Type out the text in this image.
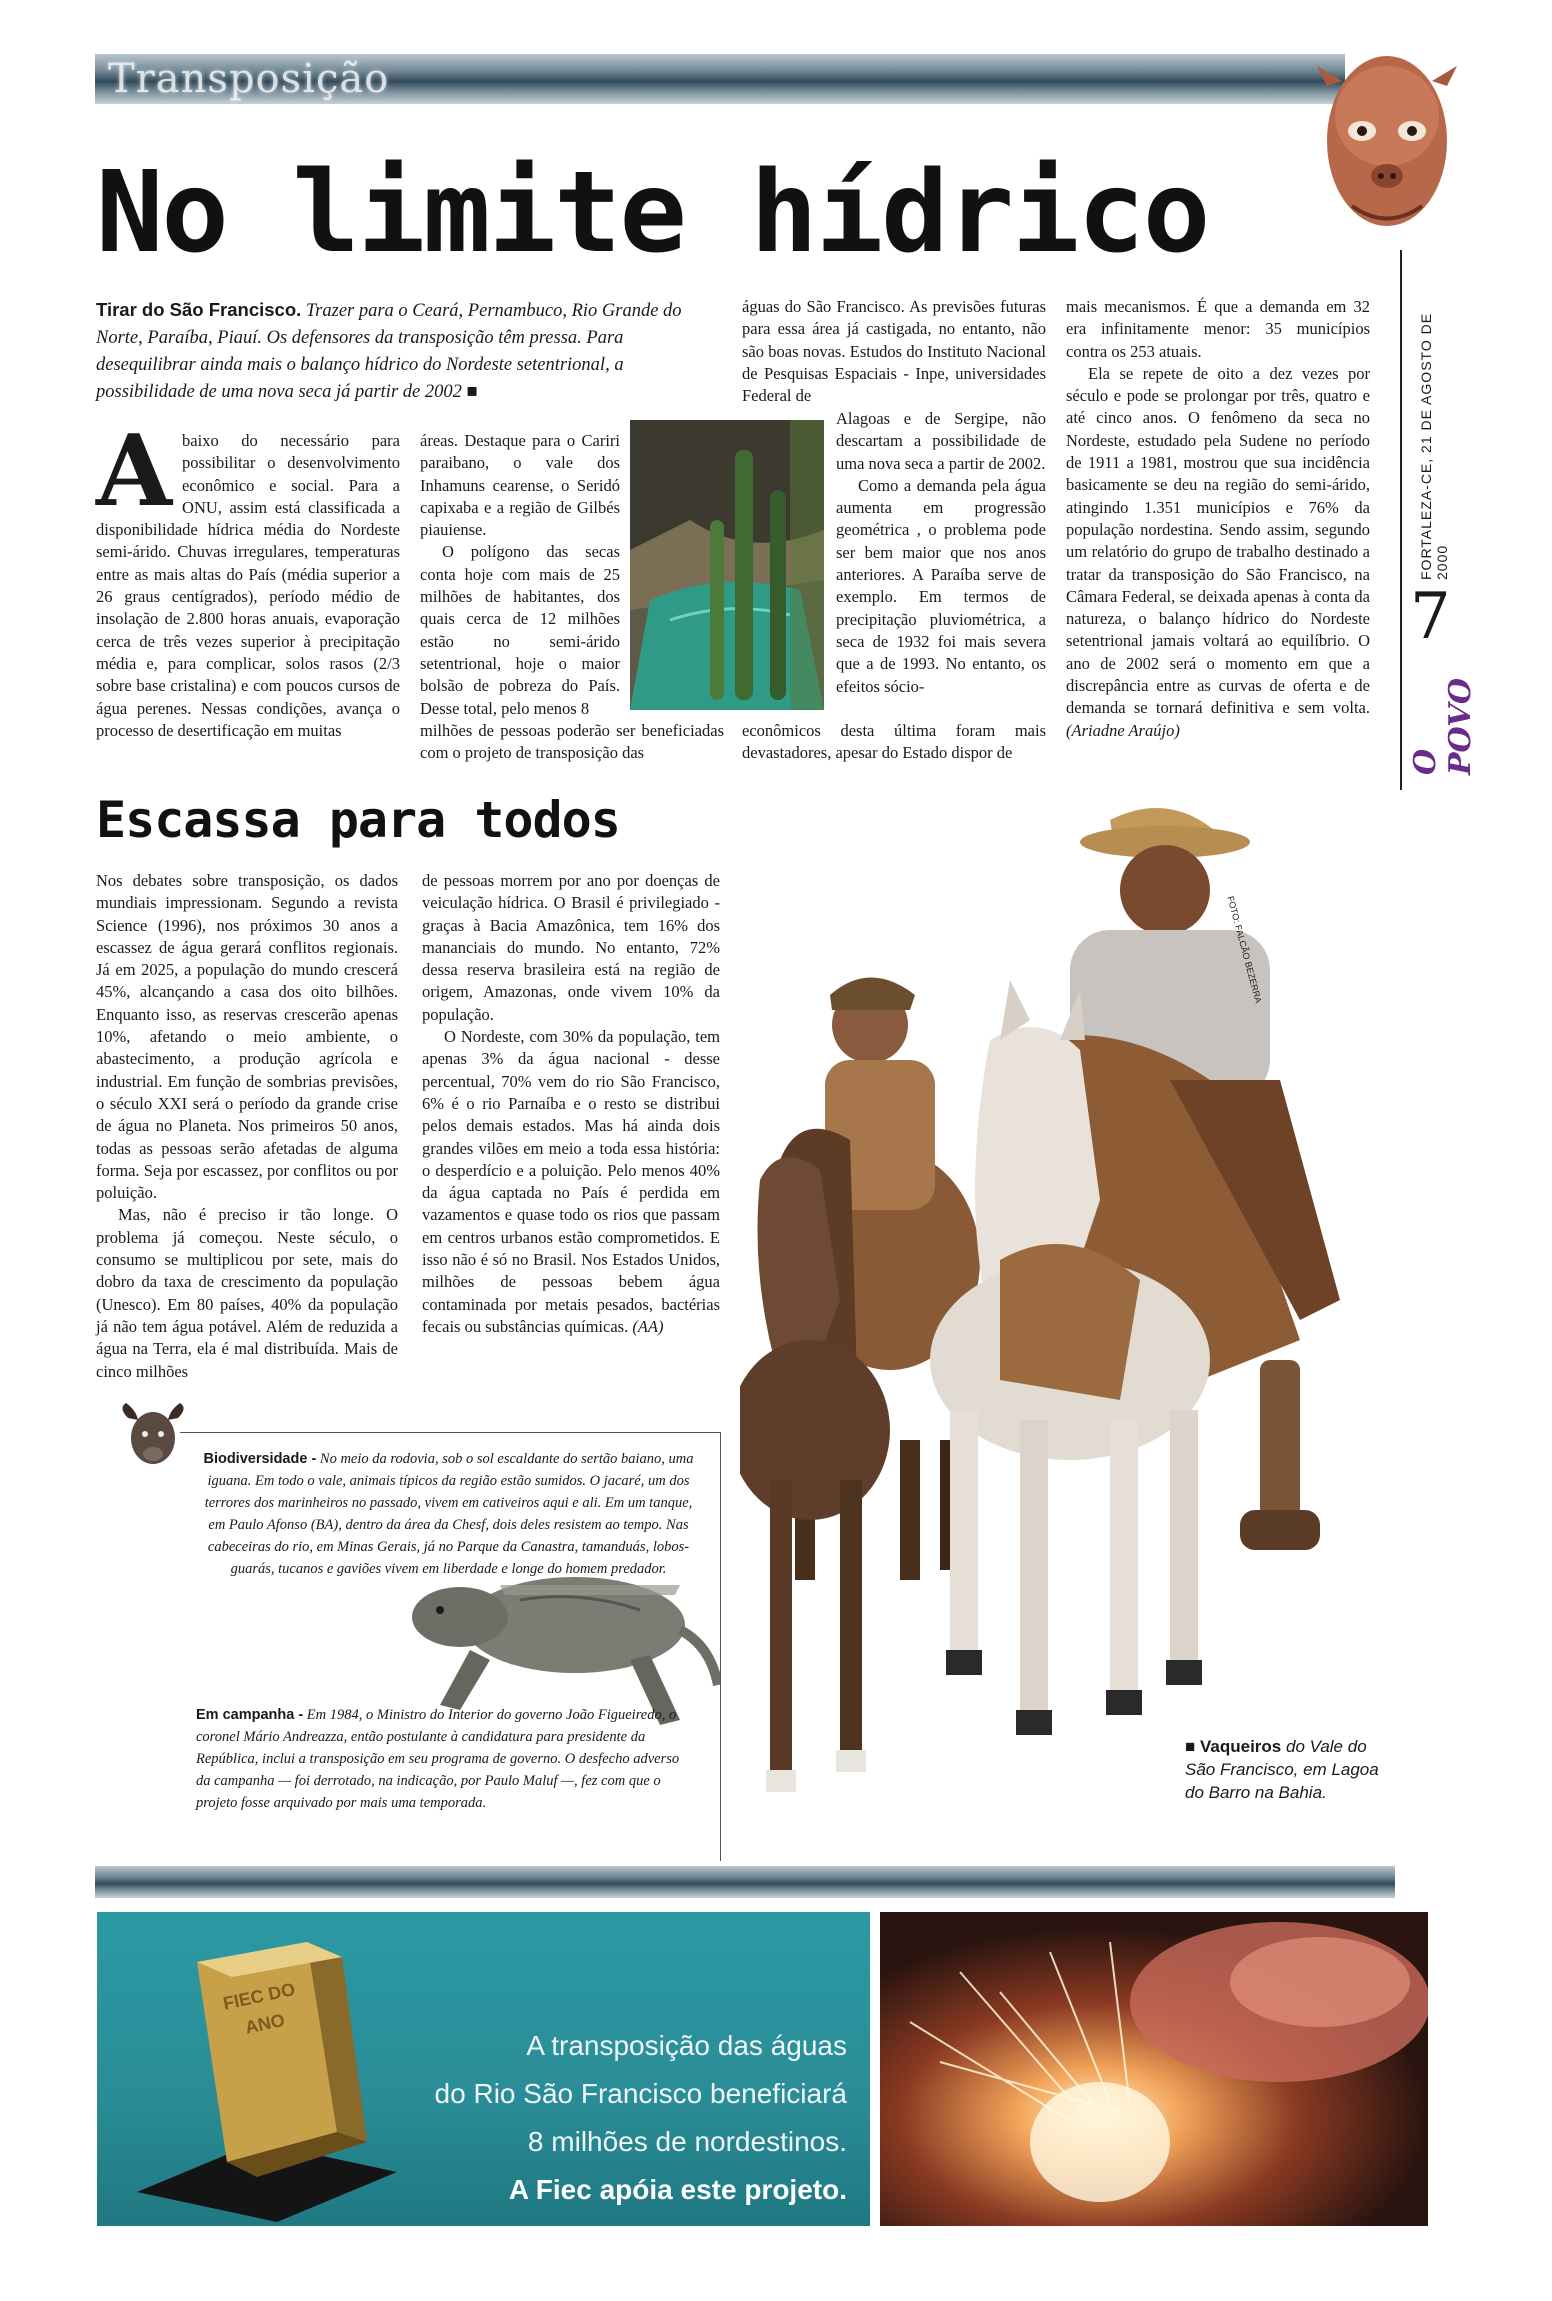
Transposição
No limite hídrico
Tirar do São Francisco. Trazer para o Ceará, Pernambuco, Rio Grande do Norte, Paraíba, Piauí. Os defensores da transposição têm pressa. Para desequilibrar ainda mais o balanço hídrico do Nordeste setentrional, a possibilidade de uma nova seca já partir de 2002 ■

Abaixo do necessário para possibilitar o desenvolvimento econômico e social. Para a ONU, assim está classificada a disponibilidade hídrica média do Nordeste semi-árido. Chuvas irregulares, temperaturas entre as mais altas do País (média superior a 26 graus centígrados), período médio de insolação de 2.800 horas anuais, evaporação cerca de três vezes superior à precipitação média e, para complicar, solos rasos (2/3 sobre base cristalina) e com poucos cursos de água perenes. Nessas condições, avança o processo de desertificação em muitas

áreas. Destaque para o Cariri paraibano, o vale dos Inhamuns cearense, o Seridó capixaba e a região de Gilbés piauiense.

O polígono das secas conta hoje com mais de 25 milhões de habitantes, dos quais cerca de 12 milhões estão no semi-árido setentrional, hoje o maior bolsão de pobreza do País. Desse total, pelo menos 8

milhões de pessoas poderão ser beneficiadas com o projeto de transposição das

águas do São Francisco. As previsões futuras para essa área já castigada, no entanto, não são boas novas. Estudos do Instituto Nacional de Pesquisas Espaciais - Inpe, universidades Federal de

Alagoas e de Sergipe, não descartam a possibilidade de uma nova seca a partir de 2002.

Como a demanda pela água aumenta em progressão geométrica , o problema pode ser bem maior que nos anos anteriores. A Paraíba serve de exemplo. Em termos de precipitação pluviométrica, a seca de 1932 foi mais severa que a de 1993. No entanto, os efeitos sócio-

econômicos desta última foram mais devastadores, apesar do Estado dispor de

mais mecanismos. É que a demanda em 32 era infinitamente menor: 35 municípios contra os 253 atuais.

Ela se repete de oito a dez vezes por século e pode se prolongar por três, quatro e até cinco anos. O fenômeno da seca no Nordeste, estudado pela Sudene no período de 1911 a 1981, mostrou que sua incidência basicamente se deu na região do semi-árido, atingindo 1.351 municípios e 76% da população nordestina. Sendo assim, segundo um relatório do grupo de trabalho destinado a tratar da transposição do São Francisco, na Câmara Federal, se deixada apenas à conta da natureza, o balanço hídrico do Nordeste setentrional jamais voltará ao equilíbrio. O ano de 2002 será o momento em que a discrepância entre as curvas de oferta e de demanda se tornará definitiva e sem volta. (Ariadne Araújo)

FORTALEZA-CE, 21 DE AGOSTO DE 2000
7
O POVO
Escassa para todos

Nos debates sobre transposição, os dados mundiais impressionam. Segundo a revista Science (1996), nos próximos 30 anos a escassez de água gerará conflitos regionais. Já em 2025, a população do mundo crescerá 45%, alcançando a casa dos oito bilhões. Enquanto isso, as reservas crescerão apenas 10%, afetando o meio ambiente, o abastecimento, a produção agrícola e industrial. Em função de sombrias previsões, o século XXI será o período da grande crise de água no Planeta. Nos primeiros 50 anos, todas as pessoas serão afetadas de alguma forma. Seja por escassez, por conflitos ou por poluição.

Mas, não é preciso ir tão longe. O problema já começou. Neste século, o consumo se multiplicou por sete, mais do dobro da taxa de crescimento da população (Unesco). Em 80 países, 40% da população já não tem água potável. Além de reduzida a água na Terra, ela é mal distribuída. Mais de cinco milhões

de pessoas morrem por ano por doenças de veiculação hídrica. O Brasil é privilegiado - graças à Bacia Amazônica, tem 16% dos mananciais do mundo. No entanto, 72% dessa reserva brasileira está na região de origem, Amazonas, onde vivem 10% da população.

O Nordeste, com 30% da população, tem apenas 3% da água nacional - desse percentual, 70% vem do rio São Francisco, 6% é o rio Parnaíba e o resto se distribui pelos demais estados. Mas há ainda dois grandes vilões em meio a toda essa história: o desperdício e a poluição. Pelo menos 40% da água captada no País é perdida em vazamentos e quase todo os rios que passam em centros urbanos estão comprometidos. E isso não é só no Brasil. Nos Estados Unidos, milhões de pessoas bebem água contaminada por metais pesados, bactérias fecais ou substâncias químicas. (AA)

FOTO: FALCÃO BEZERRA
■ Vaqueiros do Vale do São Francisco, em Lagoa do Barro na Bahia.
Biodiversidade - No meio da rodovia, sob o sol escaldante do sertão baiano, uma iguana. Em todo o vale, animais típicos da região estão sumidos. O jacaré, um dos terrores dos marinheiros no passado, vivem em cativeiros aqui e ali. Em um tanque, em Paulo Afonso (BA), dentro da área da Chesf, dois deles resistem ao tempo. Nas cabeceiras do rio, em Minas Gerais, já no Parque da Canastra, tamanduás, lobos-guarás, tucanos e gaviões vivem em liberdade e longe do homem predador.
Em campanha - Em 1984, o Ministro do Interior do governo João Figueiredo, o coronel Mário Andreazza, então postulante à candidatura para presidente da República, inclui a transposição em seu programa de governo. O desfecho adverso da campanha — foi derrotado, na indicação, por Paulo Maluf —, fez com que o projeto fosse arquivado por mais uma temporada.
FIEC DO ANO
A transposição das águas
do Rio São Francisco beneficiará
8 milhões de nordestinos.
A Fiec apóia este projeto.
